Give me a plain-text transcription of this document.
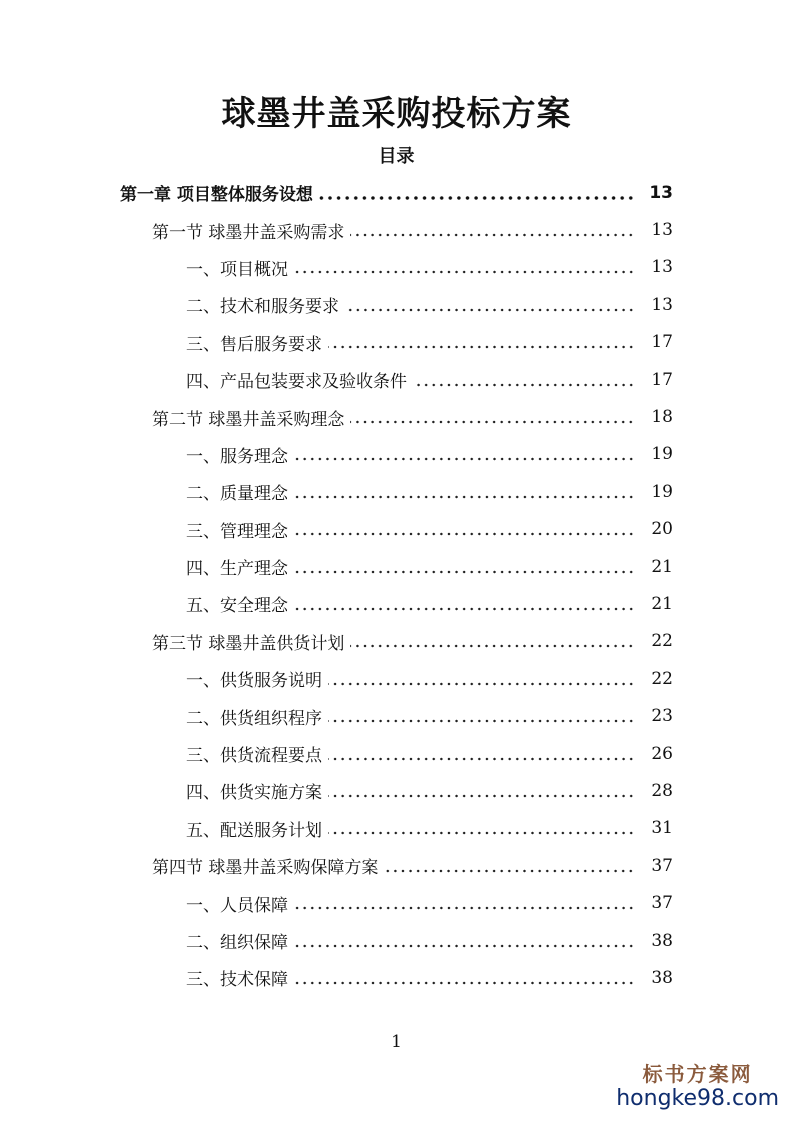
球墨井盖采购投标方案
目录
第一章 项目整体服务设想	13
第一节 球墨井盖采购需求	13
一、项目概况	13
二、技术和服务要求	13
三、售后服务要求	17
四、产品包装要求及验收条件	17
第二节 球墨井盖采购理念	18
一、服务理念	19
二、质量理念	19
三、管理理念	20
四、生产理念	21
五、安全理念	21
第三节 球墨井盖供货计划	22
一、供货服务说明	22
二、供货组织程序	23
三、供货流程要点	26
四、供货实施方案	28
五、配送服务计划	31
第四节 球墨井盖采购保障方案	37
一、人员保障	37
二、组织保障	38
三、技术保障	38
1
标书方案网
hongke98.com
